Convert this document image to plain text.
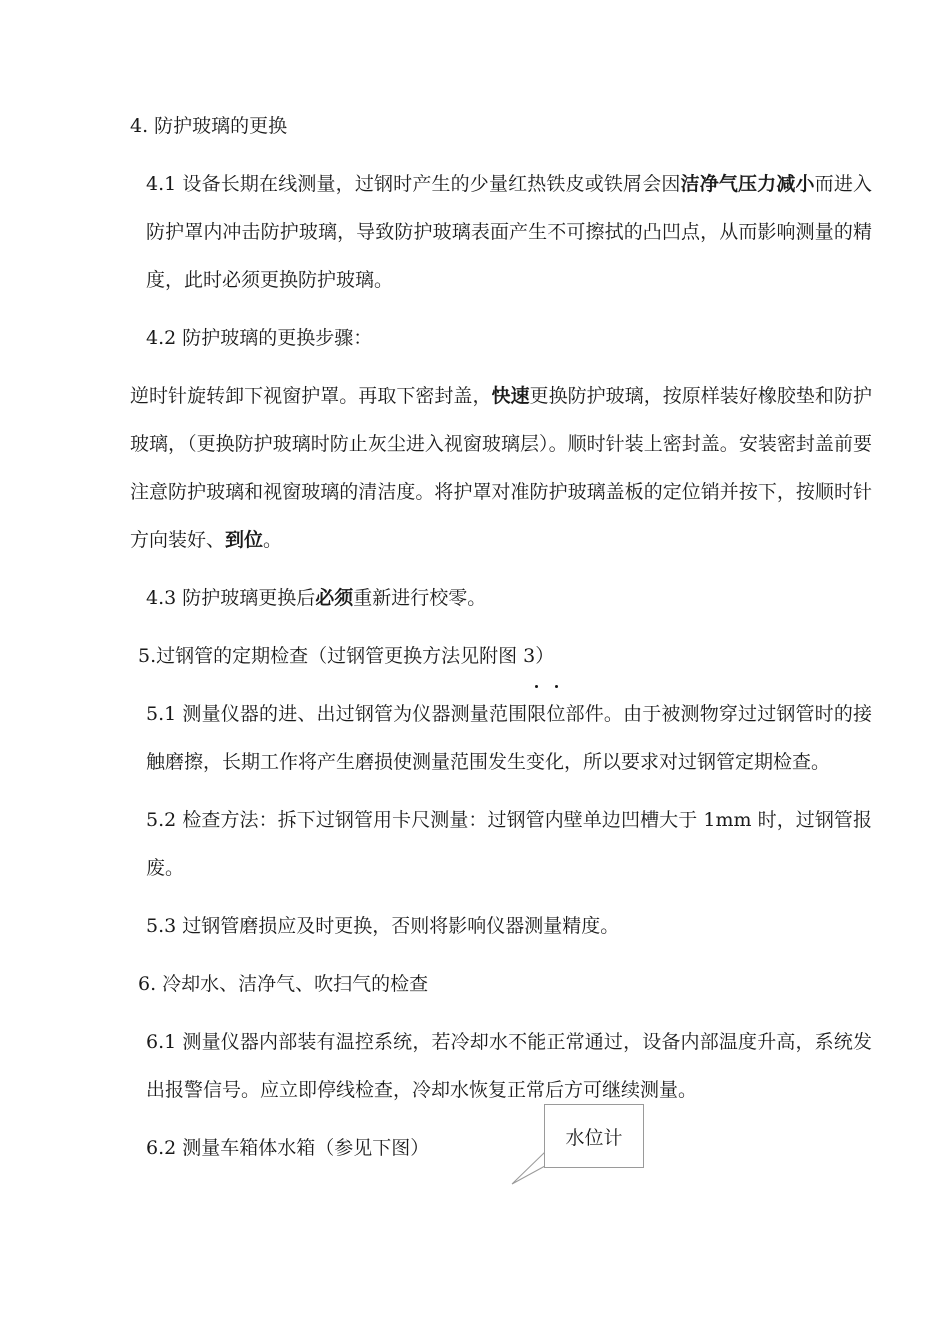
4. 防护玻璃的更换

4.1 设备长期在线测量，过钢时产生的少量红热铁皮或铁屑会因洁净气压力减小而进入防护罩内冲击防护玻璃，导致防护玻璃表面产生不可擦拭的凸凹点，从而影响测量的精度，此时必须更换防护玻璃。

4.2 防护玻璃的更换步骤：

逆时针旋转卸下视窗护罩。再取下密封盖，快速更换防护玻璃，按原样装好橡胶垫和防护玻璃，（更换防护玻璃时防止灰尘进入视窗玻璃层）。顺时针装上密封盖。安装密封盖前要注意防护玻璃和视窗玻璃的清洁度。将护罩对准防护玻璃盖板的定位销并按下，按顺时针方向装好、到位。

4.3 防护玻璃更换后必须重新进行校零。

5.过钢管的定期检查（过钢管更换方法见附图 3）

5.1 测量仪器的进、出过钢管为仪器测量范围
限
位部件。由于被测物穿过过钢管时的接触磨擦，长期工作将产生磨损使测量范围发生变化，所以要求对过钢管定期检查。

5.2 检查方法：拆下过钢管用卡尺测量：过钢管内壁单边凹槽大于 1mm 时，过钢管报废。

5.3 过钢管磨损应及时更换，否则将影响仪器测量精度。

6. 冷却水、洁净气、吹扫气的检查

6.1 测量仪器内部装有温控系统，若冷却水不能正常通过，设备内部温度升高，系统发出报警信号。应立即停线检查，冷却水恢复正常后方可继续测量。

6.2 测量车箱体水箱（参见下图）	水位计
